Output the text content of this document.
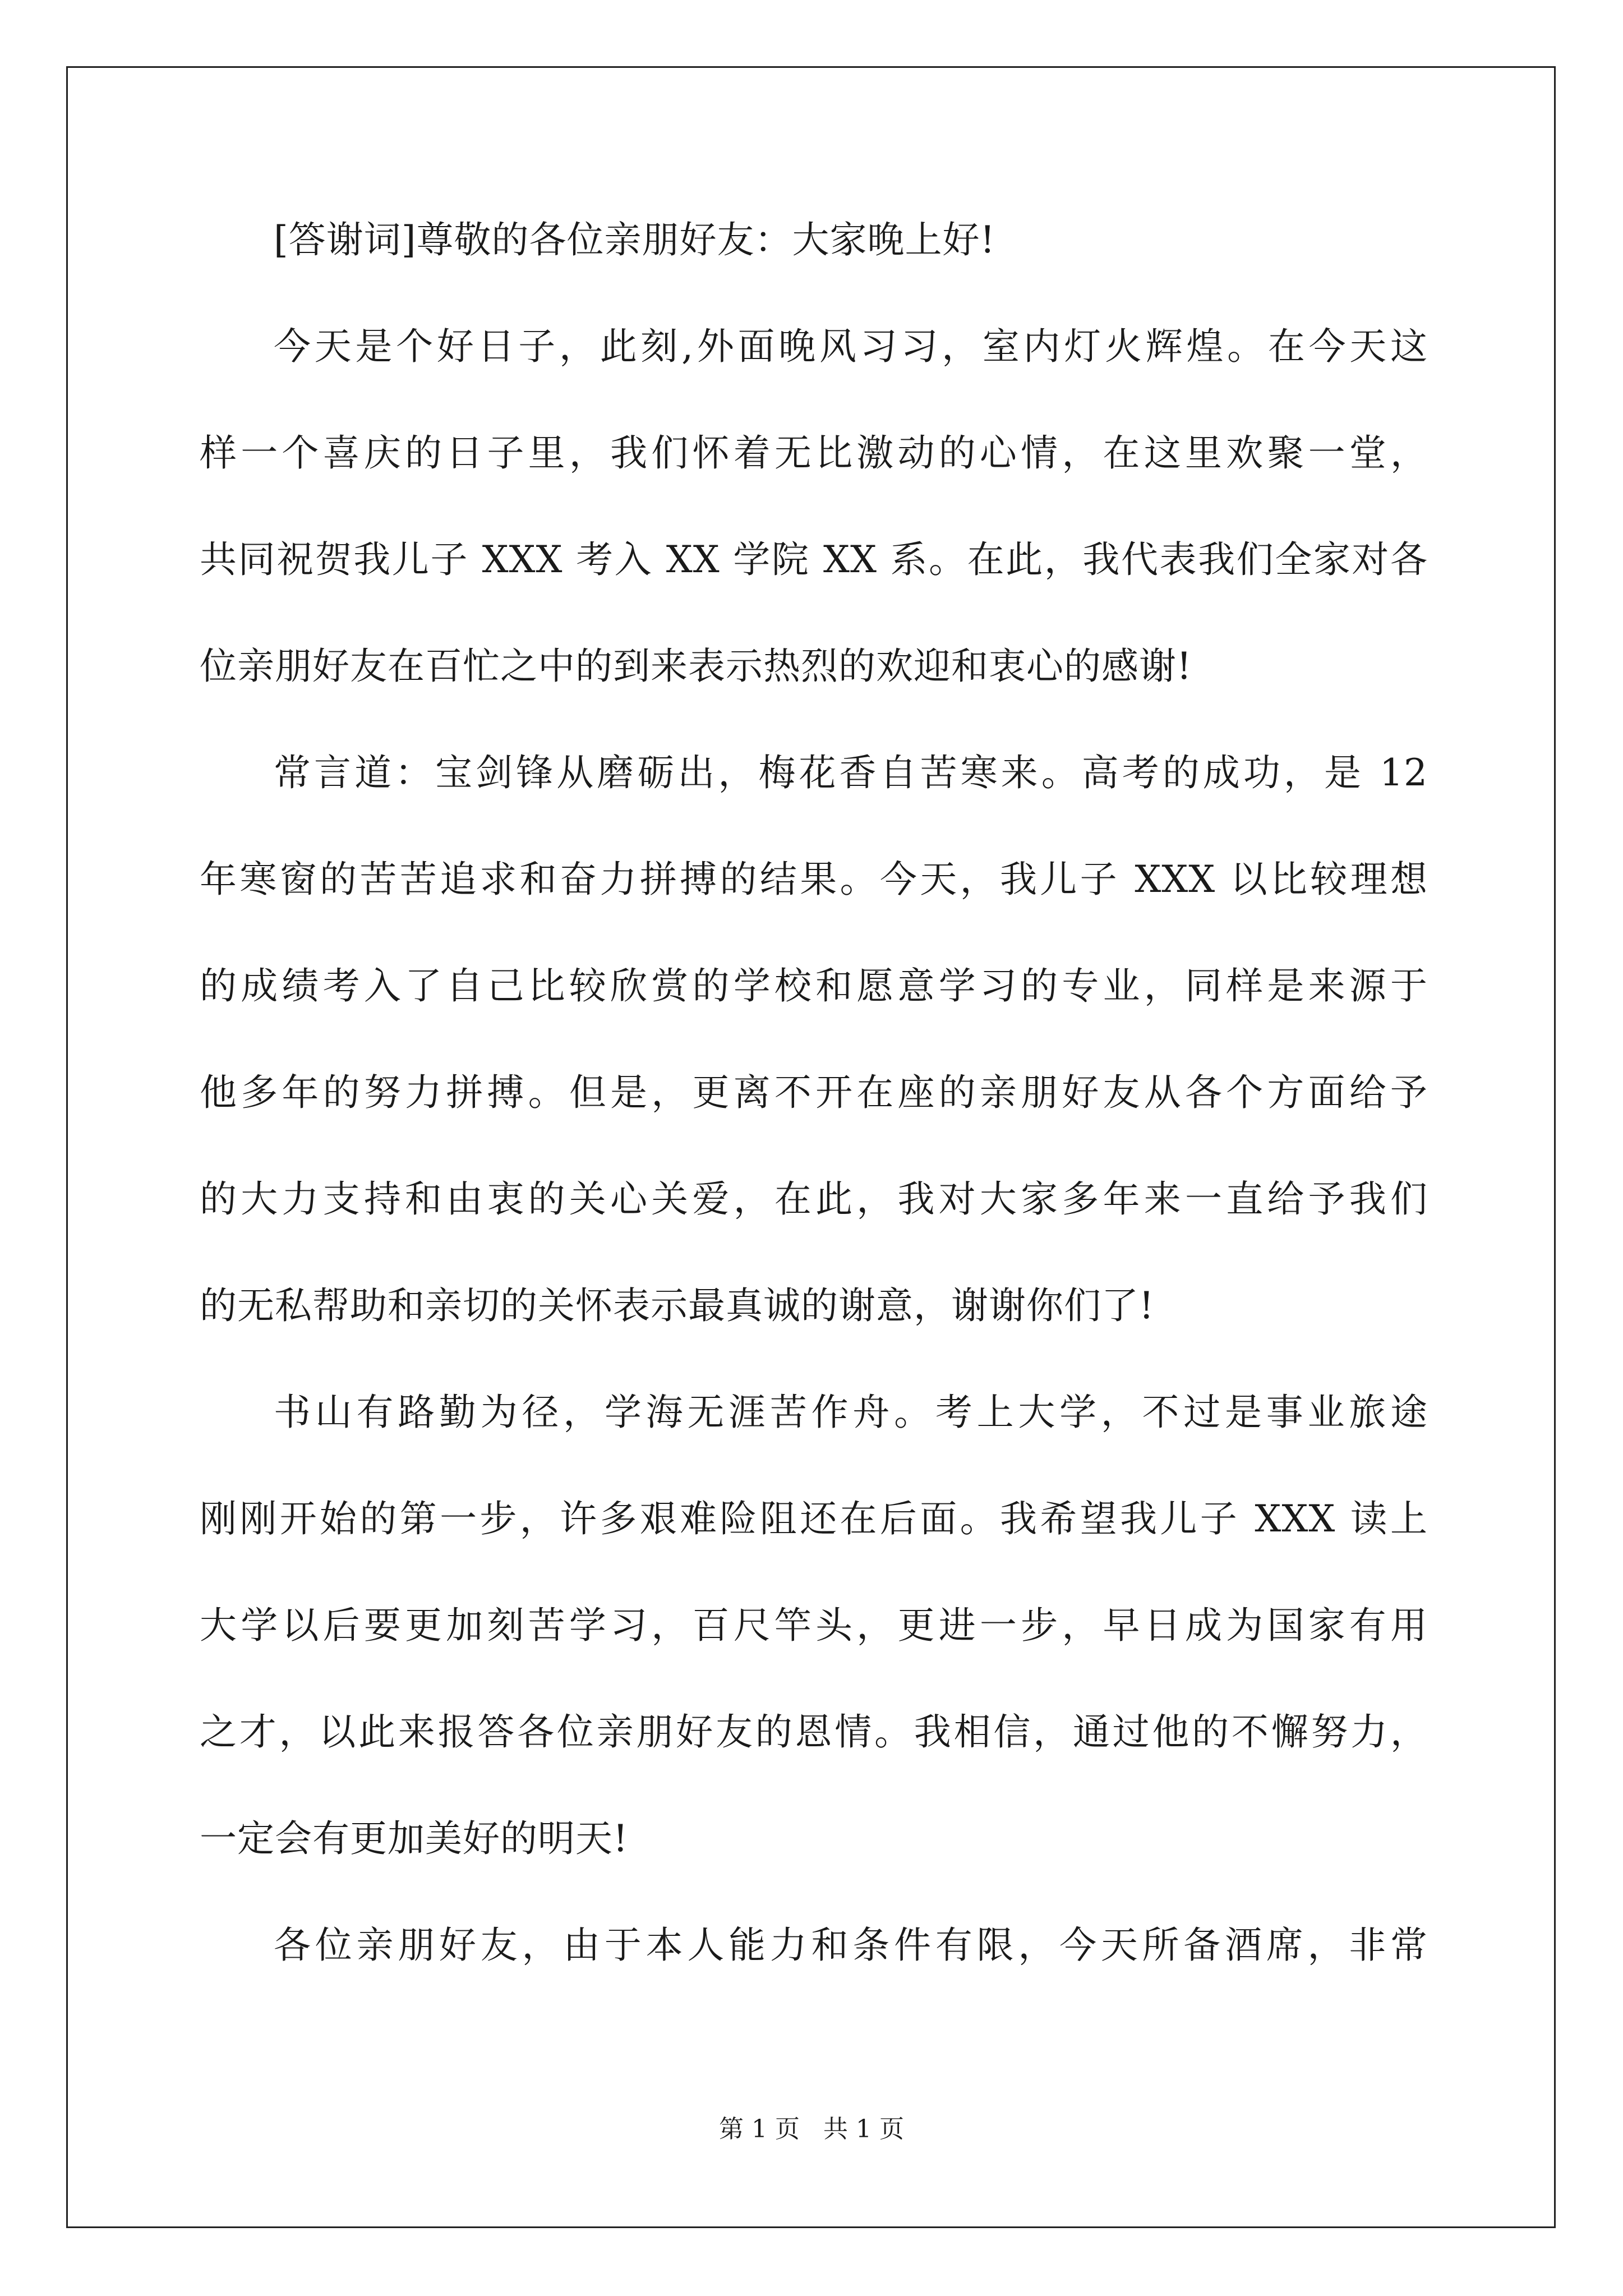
[答谢词]尊敬的各位亲朋好友：大家晚上好!
今天是个好日子，此刻,外面晚风习习，室内灯火辉煌。在今天这
样一个喜庆的日子里，我们怀着无比激动的心情，在这里欢聚一堂，
共同祝贺我儿子 XXX 考入 XX 学院 XX 系。在此，我代表我们全家对各
位亲朋好友在百忙之中的到来表示热烈的欢迎和衷心的感谢!
常言道：宝剑锋从磨砺出，梅花香自苦寒来。高考的成功，是 12
年寒窗的苦苦追求和奋力拼搏的结果。今天，我儿子 XXX 以比较理想
的成绩考入了自己比较欣赏的学校和愿意学习的专业，同样是来源于
他多年的努力拼搏。但是，更离不开在座的亲朋好友从各个方面给予
的大力支持和由衷的关心关爱，在此，我对大家多年来一直给予我们
的无私帮助和亲切的关怀表示最真诚的谢意，谢谢你们了!
书山有路勤为径，学海无涯苦作舟。考上大学，不过是事业旅途
刚刚开始的第一步，许多艰难险阻还在后面。我希望我儿子 XXX 读上
大学以后要更加刻苦学习，百尺竿头，更进一步，早日成为国家有用
之才，以此来报答各位亲朋好友的恩情。我相信，通过他的不懈努力，
一定会有更加美好的明天!
各位亲朋好友，由于本人能力和条件有限，今天所备酒席，非常
第 1 页   共 1 页
